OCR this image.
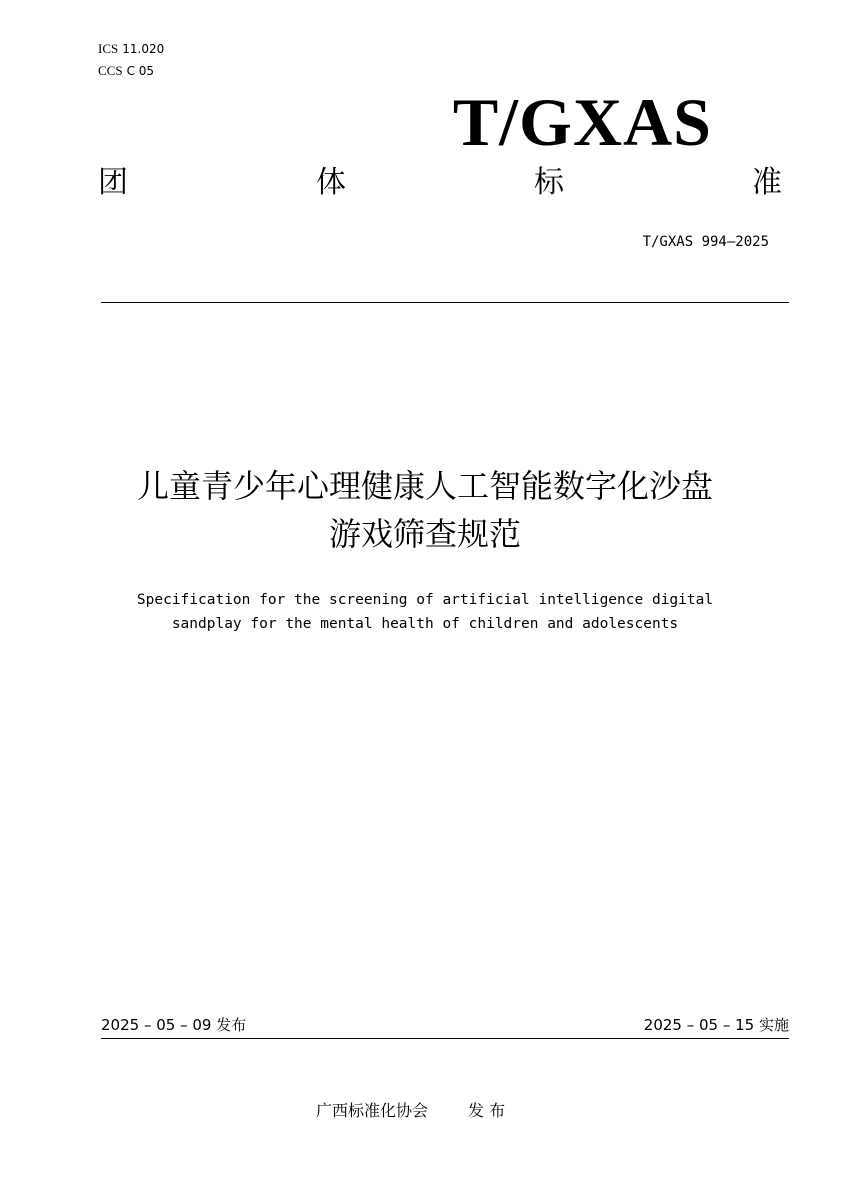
ICS 11.020
CCS C 05
T/GXAS
团	体	标	准
T/GXAS 994—2025
儿童青少年心理健康人工智能数字化沙盘
游戏筛查规范
Specification for the screening of artificial intelligence digital
sandplay for the mental health of children and adolescents
2025 – 05 – 09 发布	2025 – 05 – 15 实施
广西标准化协会	发 布
